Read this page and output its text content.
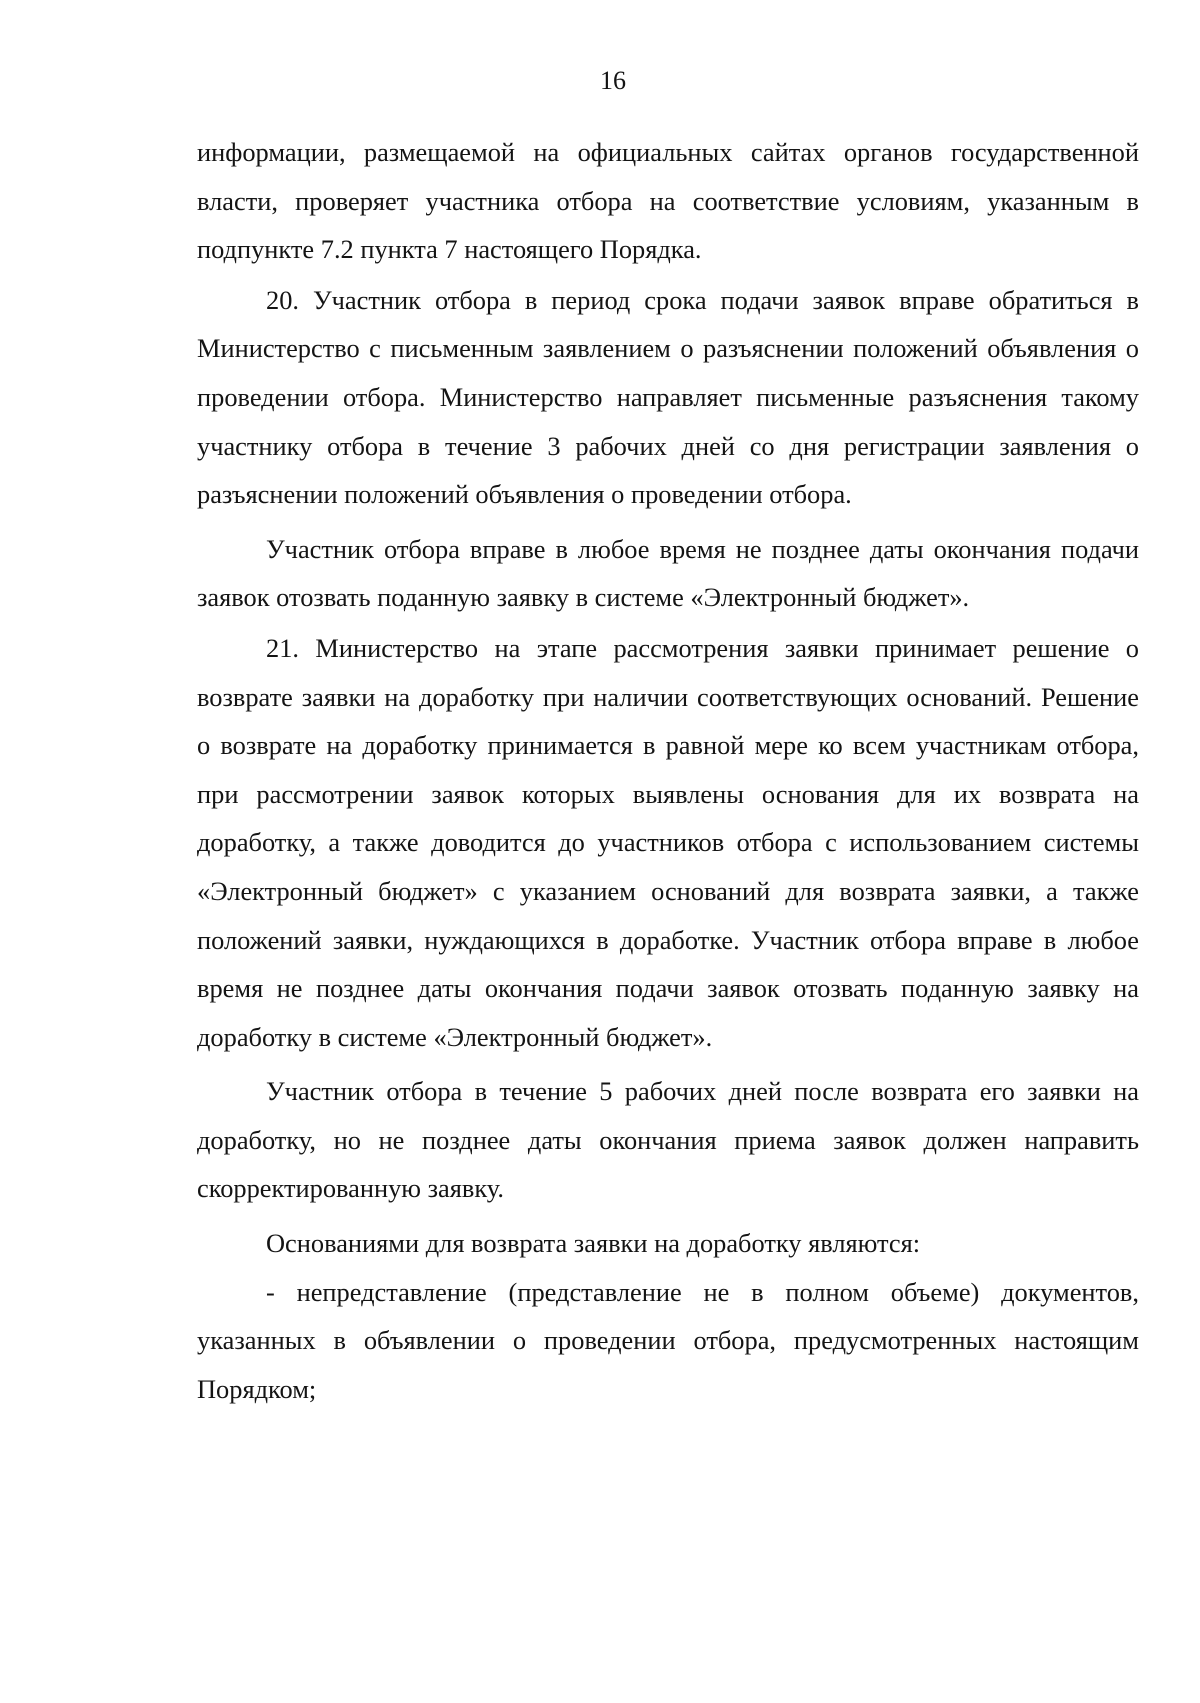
16

информации, размещаемой на официальных сайтах органов государственной власти, проверяет участника отбора на соответствие условиям, указанным в подпункте 7.2 пункта 7 настоящего Порядка.

20. Участник отбора в период срока подачи заявок вправе обратиться в Министерство с письменным заявлением о разъяснении положений объявления о проведении отбора. Министерство направляет письменные разъяснения такому участнику отбора в течение 3 рабочих дней со дня регистрации заявления о разъяснении положений объявления о проведении отбора.

Участник отбора вправе в любое время не позднее даты окончания подачи заявок отозвать поданную заявку в системе «Электронный бюджет».

21. Министерство на этапе рассмотрения заявки принимает решение о возврате заявки на доработку при наличии соответствующих оснований. Решение о возврате на доработку принимается в равной мере ко всем участникам отбора, при рассмотрении заявок которых выявлены основания для их возврата на доработку, а также доводится до участников отбора с использованием системы «Электронный бюджет» с указанием оснований для возврата заявки, а также положений заявки, нуждающихся в доработке. Участник отбора вправе в любое время не позднее даты окончания подачи заявок отозвать поданную заявку на доработку в системе «Электронный бюджет».

Участник отбора в течение 5 рабочих дней после возврата его заявки на доработку, но не позднее даты окончания приема заявок должен направить скорректированную заявку.

Основаниями для возврата заявки на доработку являются:

- непредставление (представление не в полном объеме) документов, указанных в объявлении о проведении отбора, предусмотренных настоящим Порядком;
